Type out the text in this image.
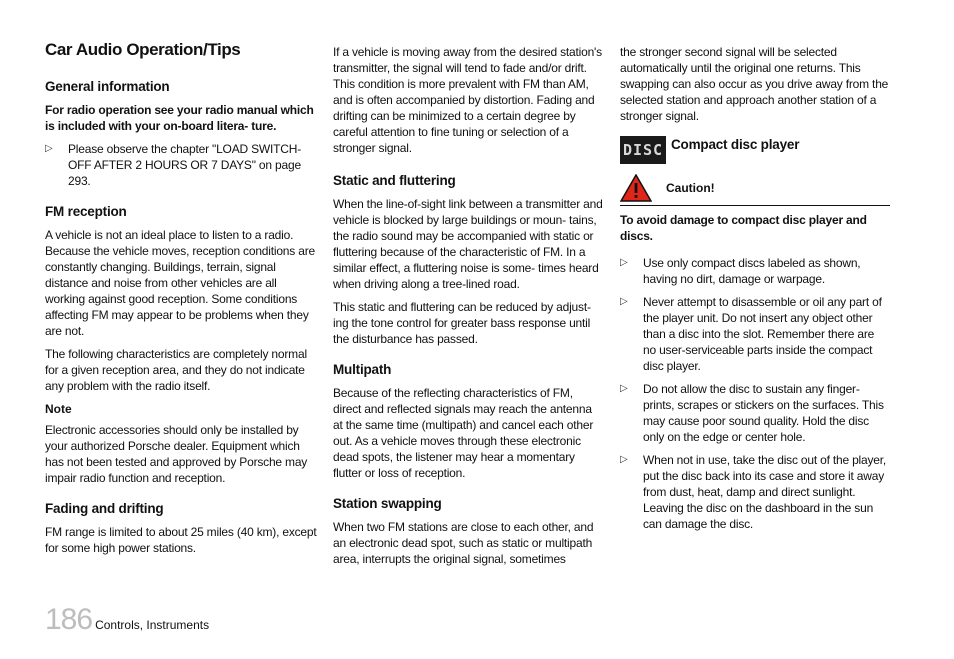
Car Audio Operation/Tips
General information

For radio operation see your radio manual which is included with your on-board litera- ture.

▷	Please observe the chapter "LOAD SWITCH-OFF AFTER 2 HOURS OR 7 DAYS" on page 293.
FM reception

A vehicle is not an ideal place to listen to a radio. Because the vehicle moves, reception conditions are constantly changing. Buildings, terrain, signal distance and noise from other vehicles are all working against good reception. Some conditions affecting FM may appear to be problems when they are not.

The following characteristics are completely normal for a given reception area, and they do not indicate any problem with the radio itself.

Note

Electronic accessories should only be installed by your authorized Porsche dealer. Equipment which has not been tested and approved by Porsche may impair radio function and reception.

Fading and drifting

FM range is limited to about 25 miles (40 km), except for some high power stations.

If a vehicle is moving away from the desired station's transmitter, the signal will tend to fade and/or drift. This condition is more prevalent with FM than AM, and is often accompanied by distortion. Fading and drifting can be minimized to a certain degree by careful attention to fine tuning or selection of a stronger signal.

Static and fluttering

When the line-of-sight link between a transmitter and vehicle is blocked by large buildings or moun- tains, the radio sound may be accompanied with static or fluttering because of the characteristic of FM. In a similar effect, a fluttering noise is some- times heard when driving along a tree-lined road.

This static and fluttering can be reduced by adjust- ing the tone control for greater bass response until the disturbance has passed.

Multipath

Because of the reflecting characteristics of FM, direct and reflected signals may reach the antenna at the same time (multipath) and cancel each other out. As a vehicle moves through these electronic dead spots, the listener may hear a momentary flutter or loss of reception.

Station swapping

When two FM stations are close to each other, and an electronic dead spot, such as static or multipath area, interrupts the original signal, sometimes

the stronger second signal will be selected automatically until the original one returns. This swapping can also occur as you drive away from the selected station and approach another station of a stronger signal.

DISC Compact disc player
Caution!
To avoid damage to compact disc player and discs.
▷	Use only compact discs labeled as shown, having no dirt, damage or warpage.
▷	Never attempt to disassemble or oil any part of the player unit. Do not insert any object other than a disc into the slot. Remember there are no user-serviceable parts inside the compact disc player.
▷	Do not allow the disc to sustain any finger- prints, scrapes or stickers on the surfaces. This may cause poor sound quality. Hold the disc only on the edge or center hole.
▷	When not in use, take the disc out of the player, put the disc back into its case and store it away from dust, heat, damp and direct sunlight. Leaving the disc on the dashboard in the sun can damage the disc.
186 Controls, Instruments
